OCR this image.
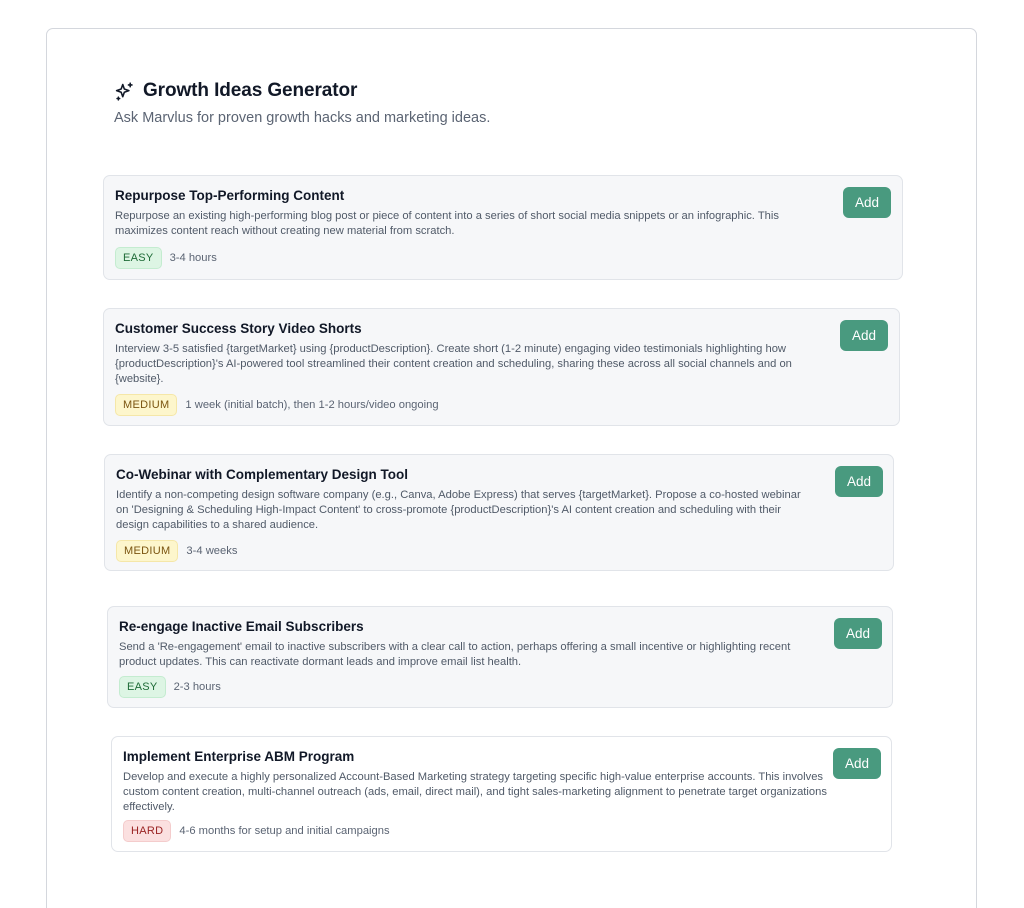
Growth Ideas Generator
Ask Marvlus for proven growth hacks and marketing ideas.
Repurpose Top-Performing Content
Repurpose an existing high-performing blog post or piece of content into a series of short social media snippets or an infographic. This maximizes content reach without creating new material from scratch.
EASY	3-4 hours
Add
Customer Success Story Video Shorts
Interview 3-5 satisfied {targetMarket} using {productDescription}. Create short (1-2 minute) engaging video testimonials highlighting how {productDescription}'s AI-powered tool streamlined their content creation and scheduling, sharing these across all social channels and on {website}.
MEDIUM	1 week (initial batch), then 1-2 hours/video ongoing
Add
Co-Webinar with Complementary Design Tool
Identify a non-competing design software company (e.g., Canva, Adobe Express) that serves {targetMarket}. Propose a co-hosted webinar on 'Designing & Scheduling High-Impact Content' to cross-promote {productDescription}'s AI content creation and scheduling with their design capabilities to a shared audience.
MEDIUM	3-4 weeks
Add
Re-engage Inactive Email Subscribers
Send a 'Re-engagement' email to inactive subscribers with a clear call to action, perhaps offering a small incentive or highlighting recent product updates. This can reactivate dormant leads and improve email list health.
EASY	2-3 hours
Add
Implement Enterprise ABM Program
Develop and execute a highly personalized Account-Based Marketing strategy targeting specific high-value enterprise accounts. This involves custom content creation, multi-channel outreach (ads, email, direct mail), and tight sales-marketing alignment to penetrate target organizations effectively.
HARD	4-6 months for setup and initial campaigns
Add
